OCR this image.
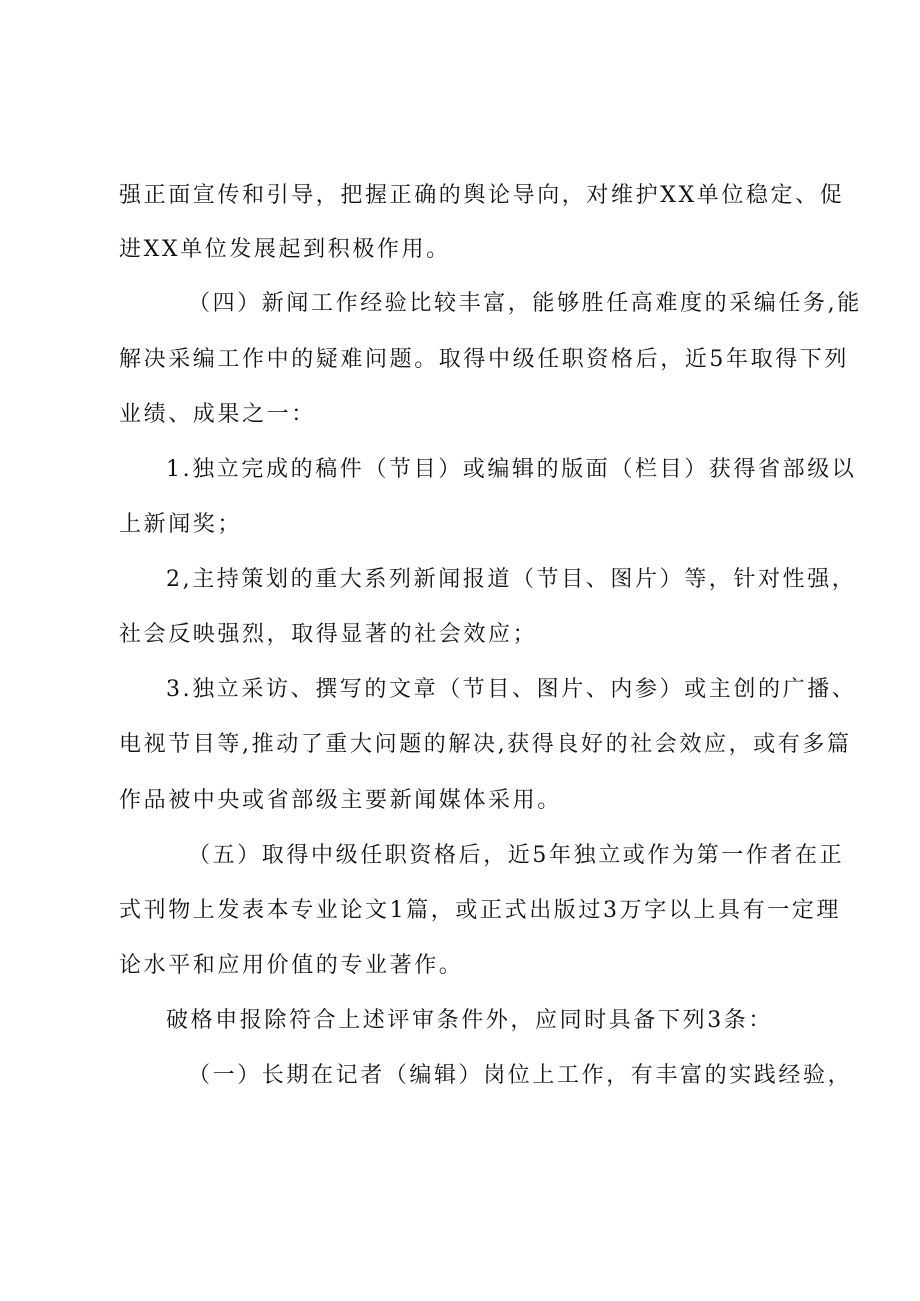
强正面宣传和引导，把握正确的舆论导向，对维护XX单位稳定、促
进XX单位发展起到积极作用。
（四）新闻工作经验比较丰富，能够胜任高难度的采编任务,能
解决采编工作中的疑难问题。取得中级任职资格后，近5年取得下列
业绩、成果之一：
1.独立完成的稿件（节目）或编辑的版面（栏目）获得省部级以
上新闻奖；
2,主持策划的重大系列新闻报道（节目、图片）等，针对性强，
社会反映强烈，取得显著的社会效应；
3.独立采访、撰写的文章（节目、图片、内参）或主创的广播、
电视节目等,推动了重大问题的解决,获得良好的社会效应，或有多篇
作品被中央或省部级主要新闻媒体采用。
（五）取得中级任职资格后，近5年独立或作为第一作者在正
式刊物上发表本专业论文1篇，或正式出版过3万字以上具有一定理
论水平和应用价值的专业著作。
破格申报除符合上述评审条件外，应同时具备下列3条：
（一）长期在记者（编辑）岗位上工作，有丰富的实践经验，
